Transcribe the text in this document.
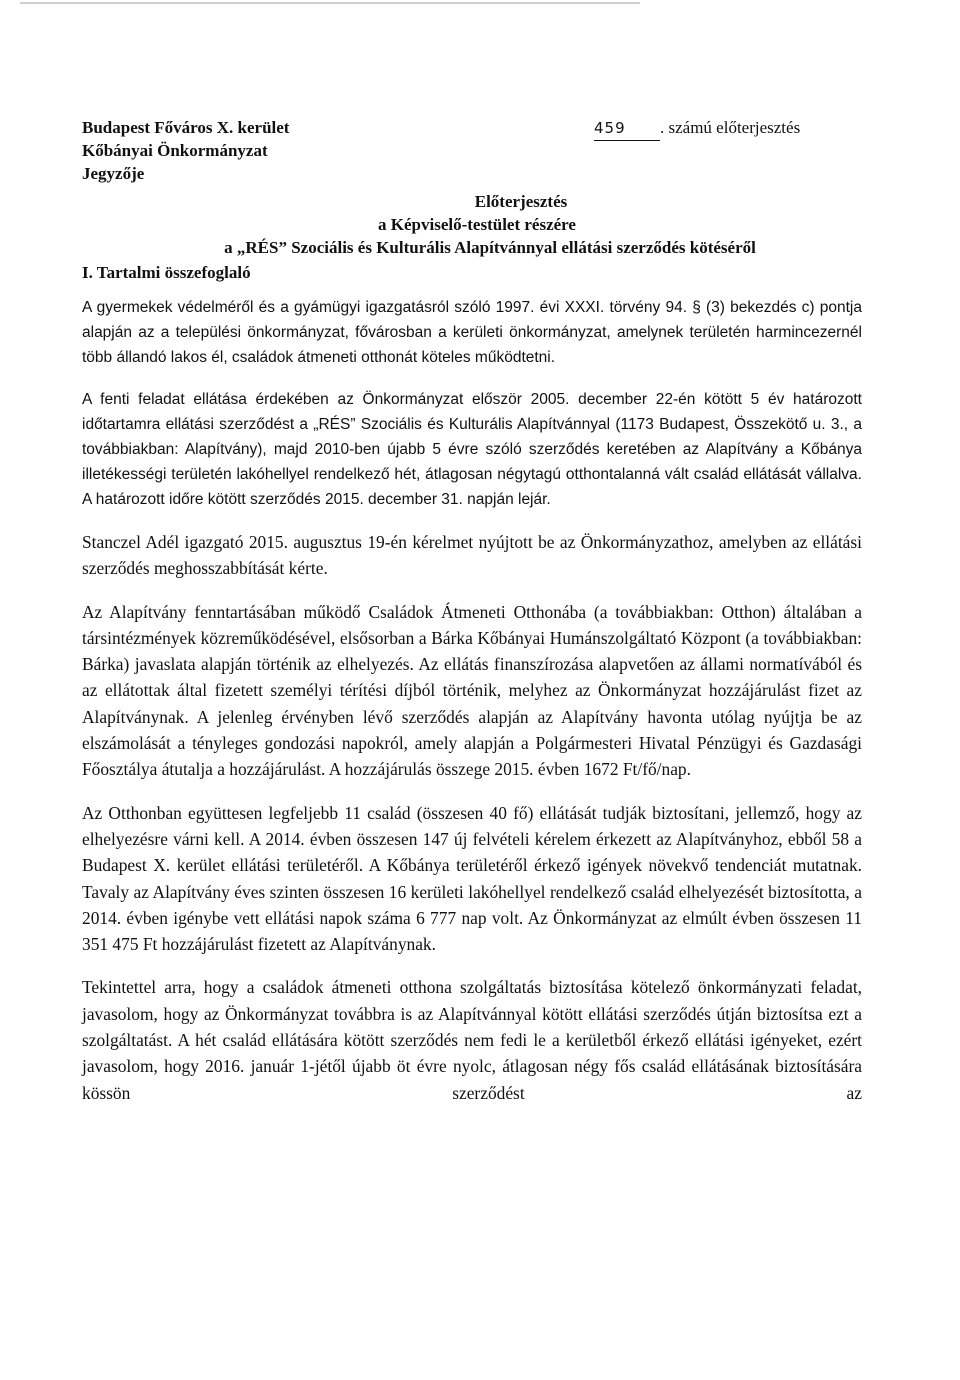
Budapest Főváros X. kerület
Kőbányai Önkormányzat
Jegyzője
459 . számú előterjesztés
Előterjesztés
a Képviselő-testület részére
a „RÉS” Szociális és Kulturális Alapítvánnyal ellátási szerződés kötéséről
I. Tartalmi összefoglaló

A gyermekek védelméről és a gyámügyi igazgatásról szóló 1997. évi XXXI. törvény 94. § (3) bekezdés c) pontja alapján az a települési önkormányzat, fővárosban a kerületi önkormányzat, amelynek területén harmincezernél több állandó lakos él, családok átmeneti otthonát köteles működtetni.

A fenti feladat ellátása érdekében az Önkormányzat először 2005. december 22-én kötött 5 év határozott időtartamra ellátási szerződést a „RÉS” Szociális és Kulturális Alapítvánnyal (1173 Budapest, Összekötő u. 3., a továbbiakban: Alapítvány), majd 2010-ben újabb 5 évre szóló szerződés keretében az Alapítvány a Kőbánya illetékességi területén lakóhellyel rendelkező hét, átlagosan négytagú otthontalanná vált család ellátását vállalva. A határozott időre kötött szerződés 2015. december 31. napján lejár.

Stanczel Adél igazgató 2015. augusztus 19-én kérelmet nyújtott be az Önkormányzathoz, amelyben az ellátási szerződés meghosszabbítását kérte.

Az Alapítvány fenntartásában működő Családok Átmeneti Otthonába (a továbbiakban: Otthon) általában a társintézmények közreműködésével, elsősorban a Bárka Kőbányai Humánszolgáltató Központ (a továbbiakban: Bárka) javaslata alapján történik az elhelyezés. Az ellátás finanszírozása alapvetően az állami normatívából és az ellátottak által fizetett személyi térítési díjból történik, melyhez az Önkormányzat hozzájárulást fizet az Alapítványnak. A jelenleg érvényben lévő szerződés alapján az Alapítvány havonta utólag nyújtja be az elszámolását a tényleges gondozási napokról, amely alapján a Polgármesteri Hivatal Pénzügyi és Gazdasági Főosztálya átutalja a hozzájárulást. A hozzájárulás összege 2015. évben 1672 Ft/fő/nap.

Az Otthonban együttesen legfeljebb 11 család (összesen 40 fő) ellátását tudják biztosítani, jellemző, hogy az elhelyezésre várni kell. A 2014. évben összesen 147 új felvételi kérelem érkezett az Alapítványhoz, ebből 58 a Budapest X. kerület ellátási területéről. A Kőbánya területéről érkező igények növekvő tendenciát mutatnak. Tavaly az Alapítvány éves szinten összesen 16 kerületi lakóhellyel rendelkező család elhelyezését biztosította, a 2014. évben igénybe vett ellátási napok száma 6 777 nap volt. Az Önkormányzat az elmúlt évben összesen 11 351 475 Ft hozzájárulást fizetett az Alapítványnak.

Tekintettel arra, hogy a családok átmeneti otthona szolgáltatás biztosítása kötelező önkormányzati feladat, javasolom, hogy az Önkormányzat továbbra is az Alapítvánnyal kötött ellátási szerződés útján biztosítsa ezt a szolgáltatást. A hét család ellátására kötött szerződés nem fedi le a kerületből érkező ellátási igényeket, ezért javasolom, hogy 2016. január 1-jétől újabb öt évre nyolc, átlagosan négy fős család ellátásának biztosítására kössön szerződést az
